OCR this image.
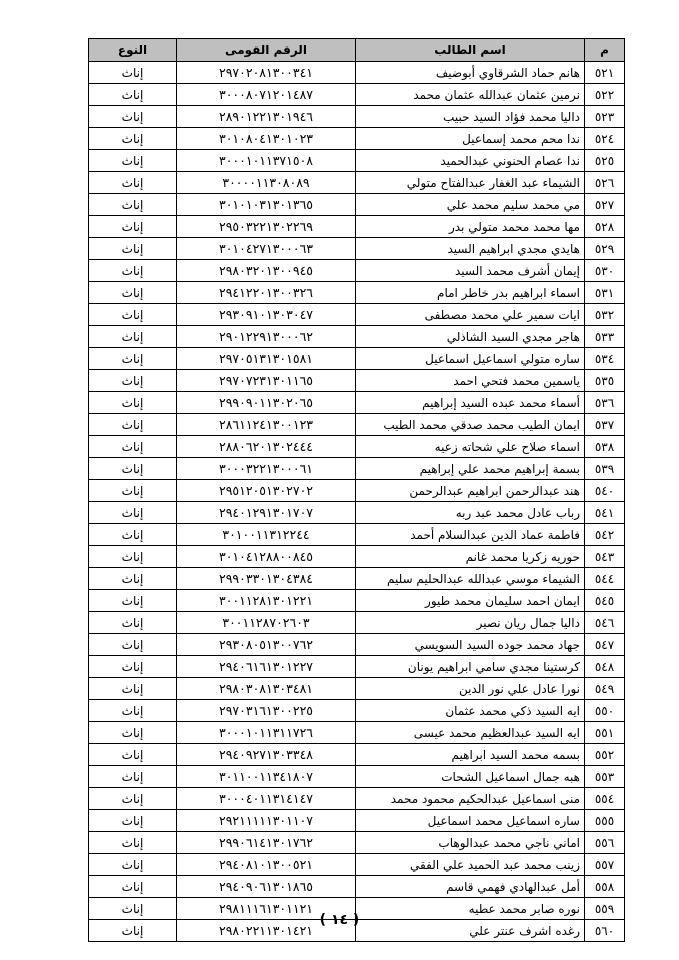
م	اسم الطالب	الرقم القومى	النوع
٥٢١	هانم حماد الشرقاوي أبوضيف	٢٩٧٠٢٠٨١٣٠٠٣٤١	إناث
٥٢٢	نرمين عثمان عبدالله عثمان محمد	٣٠٠٠٨٠٧١٢٠١٤٨٧	إناث
٥٢٣	داليا محمد فؤاد السيد حبيب	٢٨٩٠١٢٢١٣٠١٩٤٦	إناث
٥٢٤	ندا محم محمد إسماعيل	٣٠١٠٨٠٤١٣٠١٠٢٣	إناث
٥٢٥	ندا عصام الحنوني عبدالحميد	٣٠٠٠١٠١١٣٧١٥٠٨	إناث
٥٢٦	الشيماء عبد الغفار عبدالفتاح متولي	٣٠٠٠٠١١٣٠٨٠٨٩	إناث
٥٢٧	مي محمد سليم محمد علي	٣٠١٠١٠٣١٣٠١٣٦٥	إناث
٥٢٨	مها محمد محمد متولي بدر	٢٩٥٠٣٢٢١٣٠٢٢٦٩	إناث
٥٢٩	هايدي مجدي ابراهيم السيد	٣٠١٠٤٢٧١٣٠٠٠٦٣	إناث
٥٣٠	إيمان أشرف محمد السيد	٢٩٨٠٣٢٠١٣٠٠٩٤٥	إناث
٥٣١	اسماء ابراهيم بدر خاطر امام	٢٩٤١٢٢٠١٣٠٠٣٢٦	إناث
٥٣٢	ايات سمير علي محمد مصطفى	٢٩٣٠٩١٠١٣٠٣٠٤٧	إناث
٥٣٣	هاجر مجدي السيد الشاذلي	٢٩٠١٢٢٩١٣٠٠٠٦٢	إناث
٥٣٤	ساره متولي اسماعيل اسماعيل	٢٩٧٠٥١٣١٣٠١٥٨١	إناث
٥٣٥	ياسمين محمد فتحي احمد	٢٩٧٠٧٢٣١٣٠١١٦٥	إناث
٥٣٦	أسماء محمد عبده السيد إبراهيم	٢٩٩٠٩٠١١٣٠٢٠٦٥	إناث
٥٣٧	ايمان الطيب محمد صدقي محمد الطيب	٢٨٦١١٢٤١٣٠٠١٢٣	إناث
٥٣٨	اسماء صلاح علي شحاته زعيه	٢٨٨٠٦٢٠١٣٠٢٤٤٤	إناث
٥٣٩	بسمة إبراهيم محمد علي إبراهيم	٣٠٠٠٣٢٢١٣٠٠٠٦١	إناث
٥٤٠	هند عبدالرحمن ابراهيم عبدالرحمن	٢٩٥١٢٠٥١٣٠٢٧٠٢	إناث
٥٤١	رباب عادل محمد عبد ربه	٢٩٤٠١٢٩١٣٠١٧٠٧	إناث
٥٤٢	فاطمة عماد الدين عبدالسلام أحمد	٣٠١٠٠١١٣١٢٢٤٤	إناث
٥٤٣	حوريه زكريا محمد غانم	٣٠١٠٤١٢٨٨٠٠٨٤٥	إناث
٥٤٤	الشيماء موسي عبدالله عبدالحليم سليم	٢٩٩٠٣٣٠١٣٠٤٣٨٤	إناث
٥٤٥	ايمان احمد سليمان محمد طيور	٣٠٠١١٢٨١٣٠١٢٢١	إناث
٥٤٦	داليا جمال ريان نصير	٣٠٠١١٢٨٧٠٢٦٠٣	إناث
٥٤٧	جهاد محمد جوده السيد السويسي	٢٩٣٠٨٠٥١٣٠٠٧٦٢	إناث
٥٤٨	كرستينا مجدي سامي ابراهيم يونان	٢٩٤٠٦١٦١٣٠١٢٢٧	إناث
٥٤٩	نورا عادل علي نور الدين	٢٩٨٠٣٠٨١٣٠٣٤٨١	إناث
٥٥٠	ايه السيد ذكي محمد عثمان	٢٩٧٠٣١٦١٣٠٠٢٢٥	إناث
٥٥١	ايه السيد عبدالعظيم محمد عيسى	٣٠٠٠١٠١١٣١١٧٢٦	إناث
٥٥٢	بسمه محمد السيد ابراهيم	٢٩٤٠٩٢٧١٣٠٣٣٤٨	إناث
٥٥٣	هبه جمال اسماعيل الشحات	٣٠١١٠٠١١٣٤١٨٠٧	إناث
٥٥٤	منى اسماعيل عبدالحكيم محمود محمد	٣٠٠٠٤٠١١٣١٤١٤٧	إناث
٥٥٥	ساره اسماعيل محمد اسماعيل	٢٩٢١١١١١٣٠١١٠٧	إناث
٥٥٦	اماني ناجي محمد عبدالوهاب	٢٩٩٠٦١٤١٣٠١٧٦٢	إناث
٥٥٧	زينب محمد عبد الحميد علي الفقي	٢٩٤٠٨١٠١٣٠٠٥٢١	إناث
٥٥٨	أمل عبدالهادي فهمي قاسم	٢٩٤٠٩٠٦١٣٠١٨٦٥	إناث
٥٥٩	نوره صابر محمد عطيه	٢٩٨١١١٦١٣٠١١٢١	إناث
٥٦٠	رغده اشرف عنتر علي	٢٩٨٠٢٢١١٣٠١٤٢١	إناث
( ١٤ )
